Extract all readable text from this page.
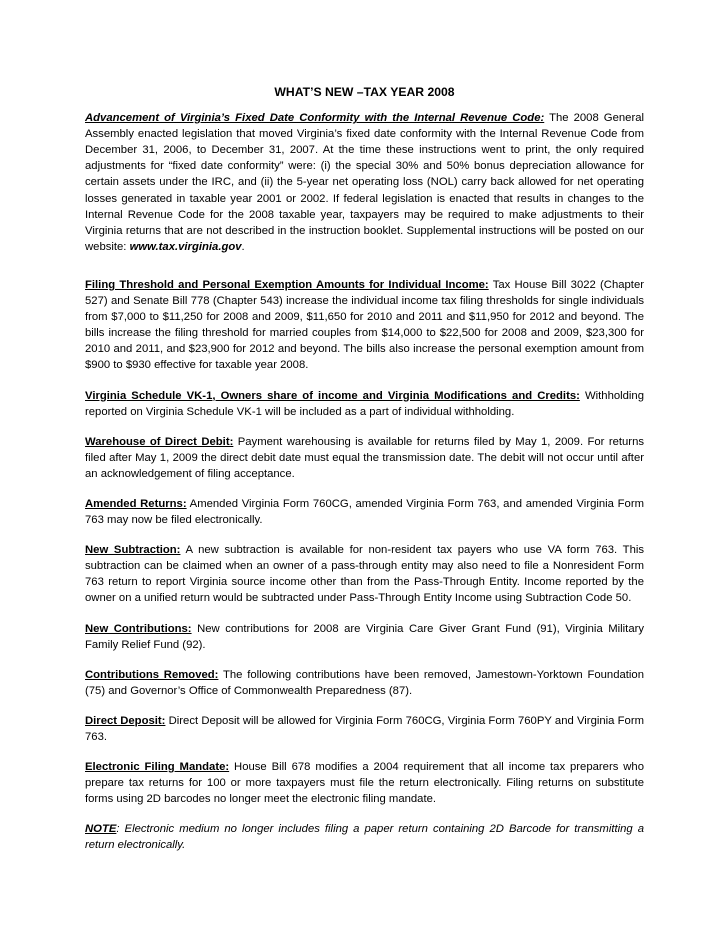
WHAT’S NEW –TAX YEAR 2008

Advancement of Virginia’s Fixed Date Conformity with the Internal Revenue Code: The 2008 General Assembly enacted legislation that moved Virginia’s fixed date conformity with the Internal Revenue Code from December 31, 2006, to December 31, 2007. At the time these instructions went to print, the only required adjustments for “fixed date conformity” were: (i) the special 30% and 50% bonus depreciation allowance for certain assets under the IRC, and (ii) the 5-year net operating loss (NOL) carry back allowed for net operating losses generated in taxable year 2001 or 2002. If federal legislation is enacted that results in changes to the Internal Revenue Code for the 2008 taxable year, taxpayers may be required to make adjustments to their Virginia returns that are not described in the instruction booklet. Supplemental instructions will be posted on our website: www.tax.virginia.gov.

Filing Threshold and Personal Exemption Amounts for Individual Income: Tax House Bill 3022 (Chapter 527) and Senate Bill 778 (Chapter 543) increase the individual income tax filing thresholds for single individuals from $7,000 to $11,250 for 2008 and 2009, $11,650 for 2010 and 2011 and $11,950 for 2012 and beyond. The bills increase the filing threshold for married couples from $14,000 to $22,500 for 2008 and 2009, $23,300 for 2010 and 2011, and $23,900 for 2012 and beyond. The bills also increase the personal exemption amount from $900 to $930 effective for taxable year 2008.

Virginia Schedule VK-1, Owners share of income and Virginia Modifications and Credits: Withholding reported on Virginia Schedule VK-1 will be included as a part of individual withholding.

Warehouse of Direct Debit: Payment warehousing is available for returns filed by May 1, 2009. For returns filed after May 1, 2009 the direct debit date must equal the transmission date. The debit will not occur until after an acknowledgement of filing acceptance.

Amended Returns: Amended Virginia Form 760CG, amended Virginia Form 763, and amended Virginia Form 763 may now be filed electronically.

New Subtraction: A new subtraction is available for non-resident tax payers who use VA form 763. This subtraction can be claimed when an owner of a pass-through entity may also need to file a Nonresident Form 763 return to report Virginia source income other than from the Pass-Through Entity. Income reported by the owner on a unified return would be subtracted under Pass-Through Entity Income using Subtraction Code 50.

New Contributions: New contributions for 2008 are Virginia Care Giver Grant Fund (91), Virginia Military Family Relief Fund (92).

Contributions Removed: The following contributions have been removed, Jamestown-Yorktown Foundation (75) and Governor’s Office of Commonwealth Preparedness (87).

Direct Deposit: Direct Deposit will be allowed for Virginia Form 760CG, Virginia Form 760PY and Virginia Form 763.

Electronic Filing Mandate: House Bill 678 modifies a 2004 requirement that all income tax preparers who prepare tax returns for 100 or more taxpayers must file the return electronically. Filing returns on substitute forms using 2D barcodes no longer meet the electronic filing mandate.

NOTE: Electronic medium no longer includes filing a paper return containing 2D Barcode for transmitting a return electronically.
